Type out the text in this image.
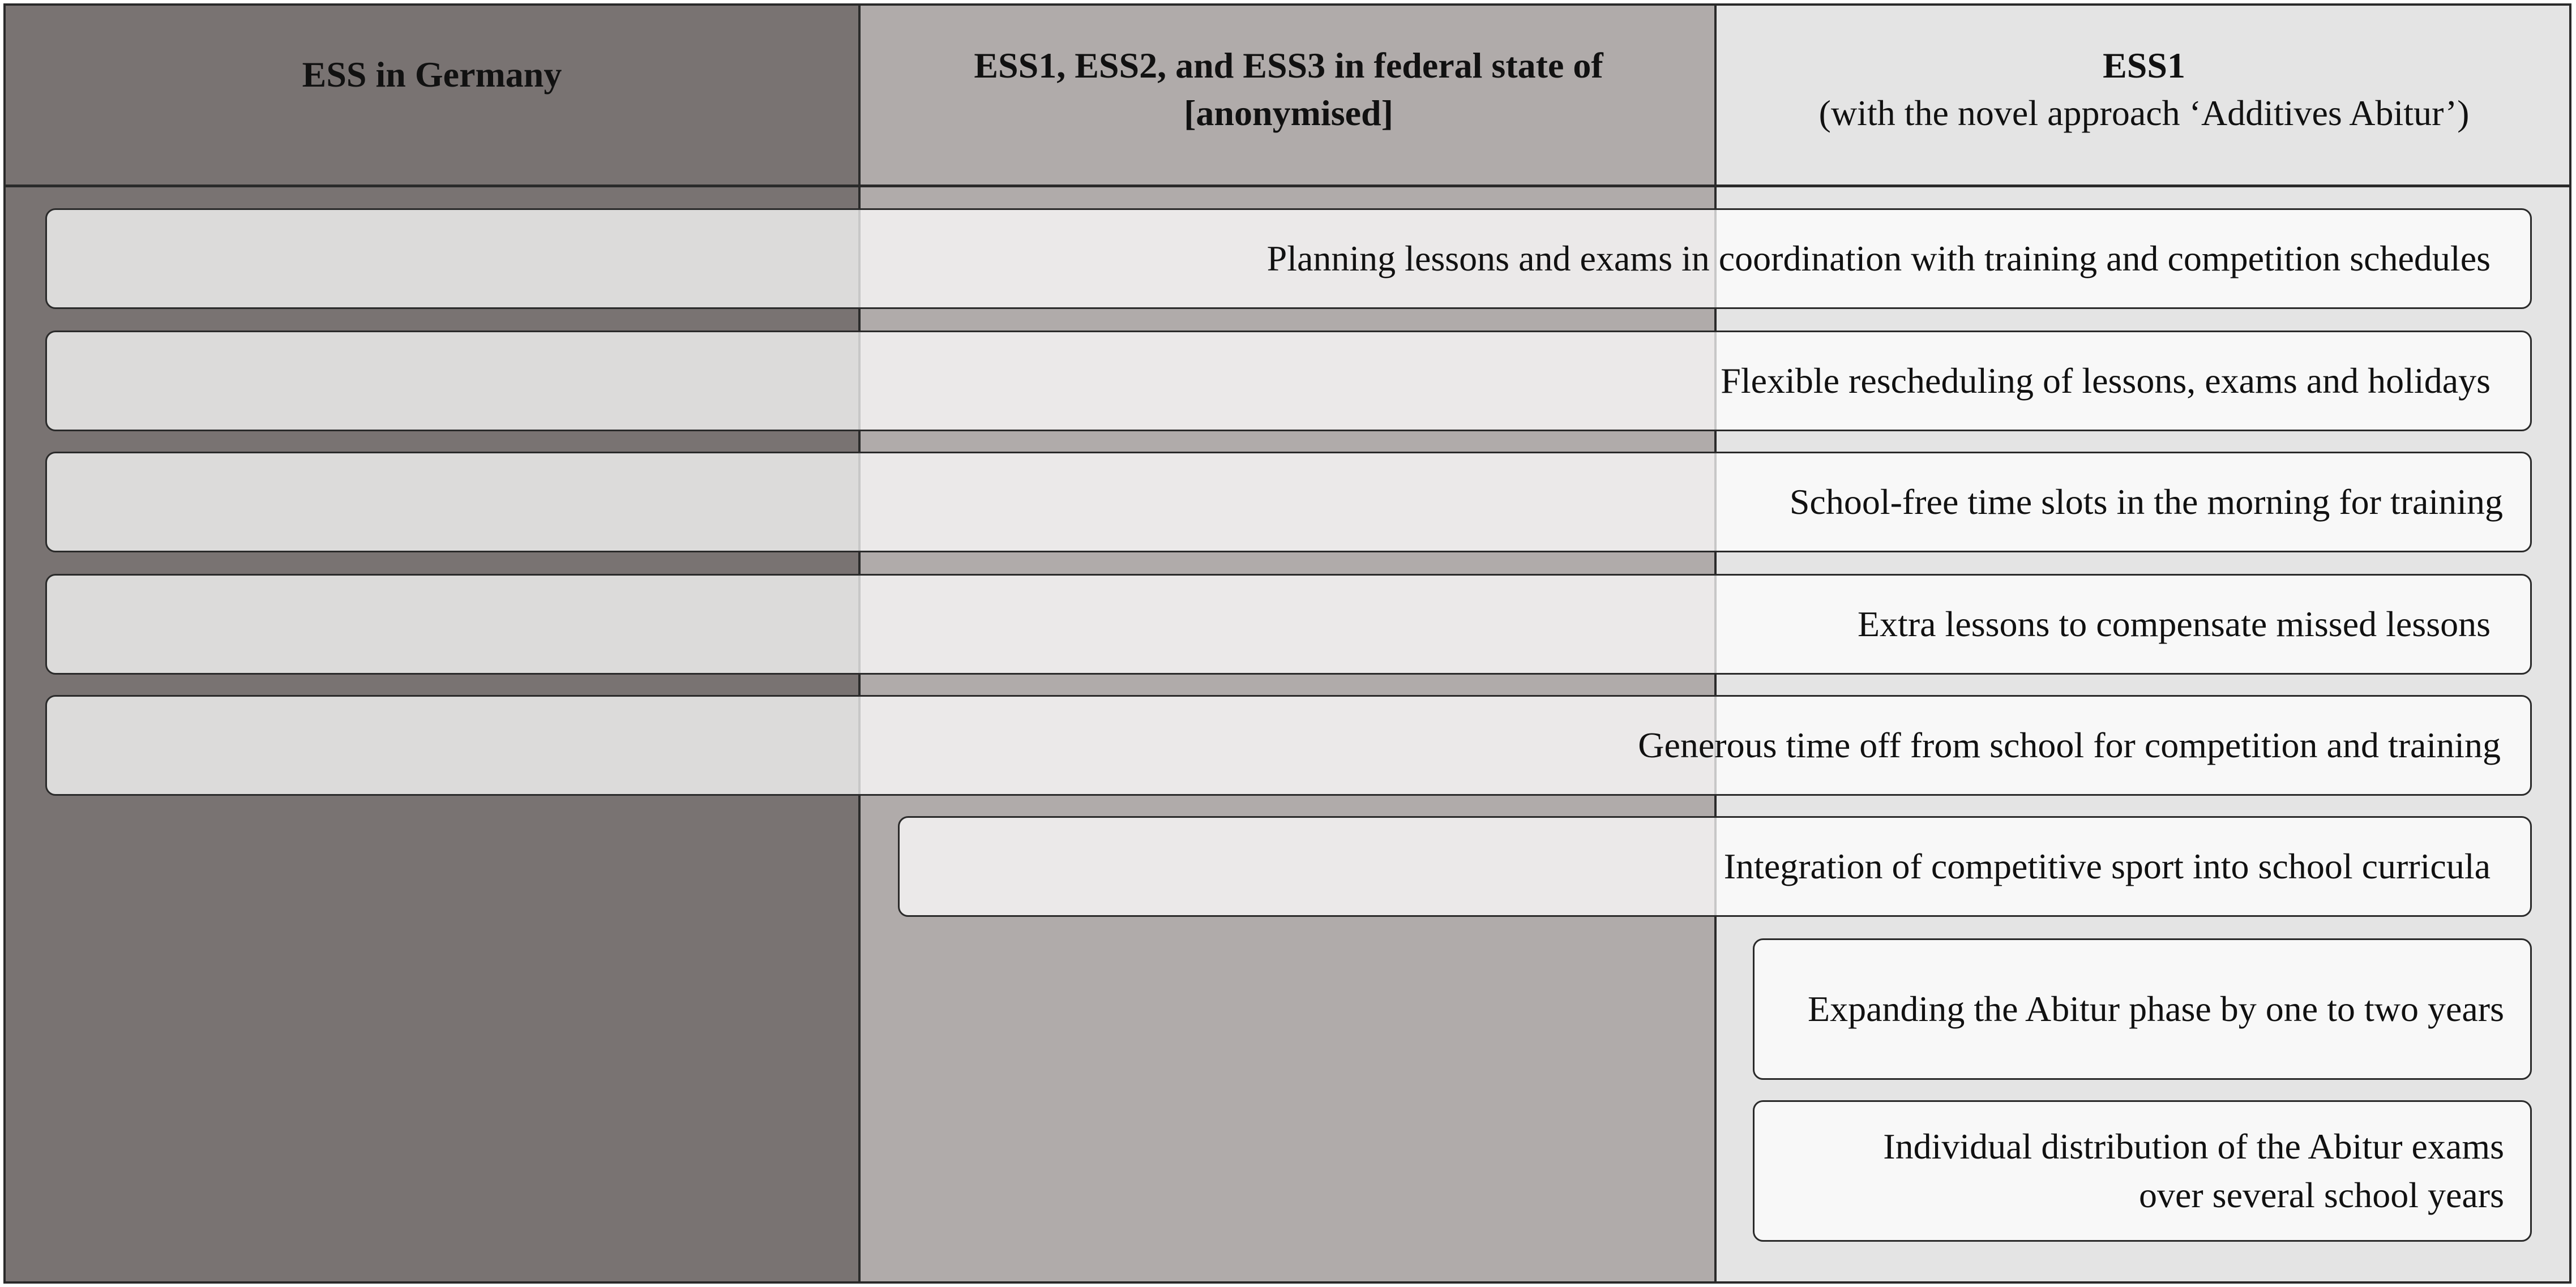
ESS in Germany	ESS1, ESS2, and ESS3 in federal state of [anonymised]
ESS1
(with the novel approach ‘Additives Abitur’)
Planning lessons and exams in coordination with training and competition schedules
Flexible rescheduling of lessons, exams and holidays
School-free time slots in the morning for training
Extra lessons to compensate missed lessons
Generous time off from school for competition and training
Integration of competitive sport into school curricula
Expanding the Abitur phase by one to two years
Individual distribution of the Abitur exams over several school years
